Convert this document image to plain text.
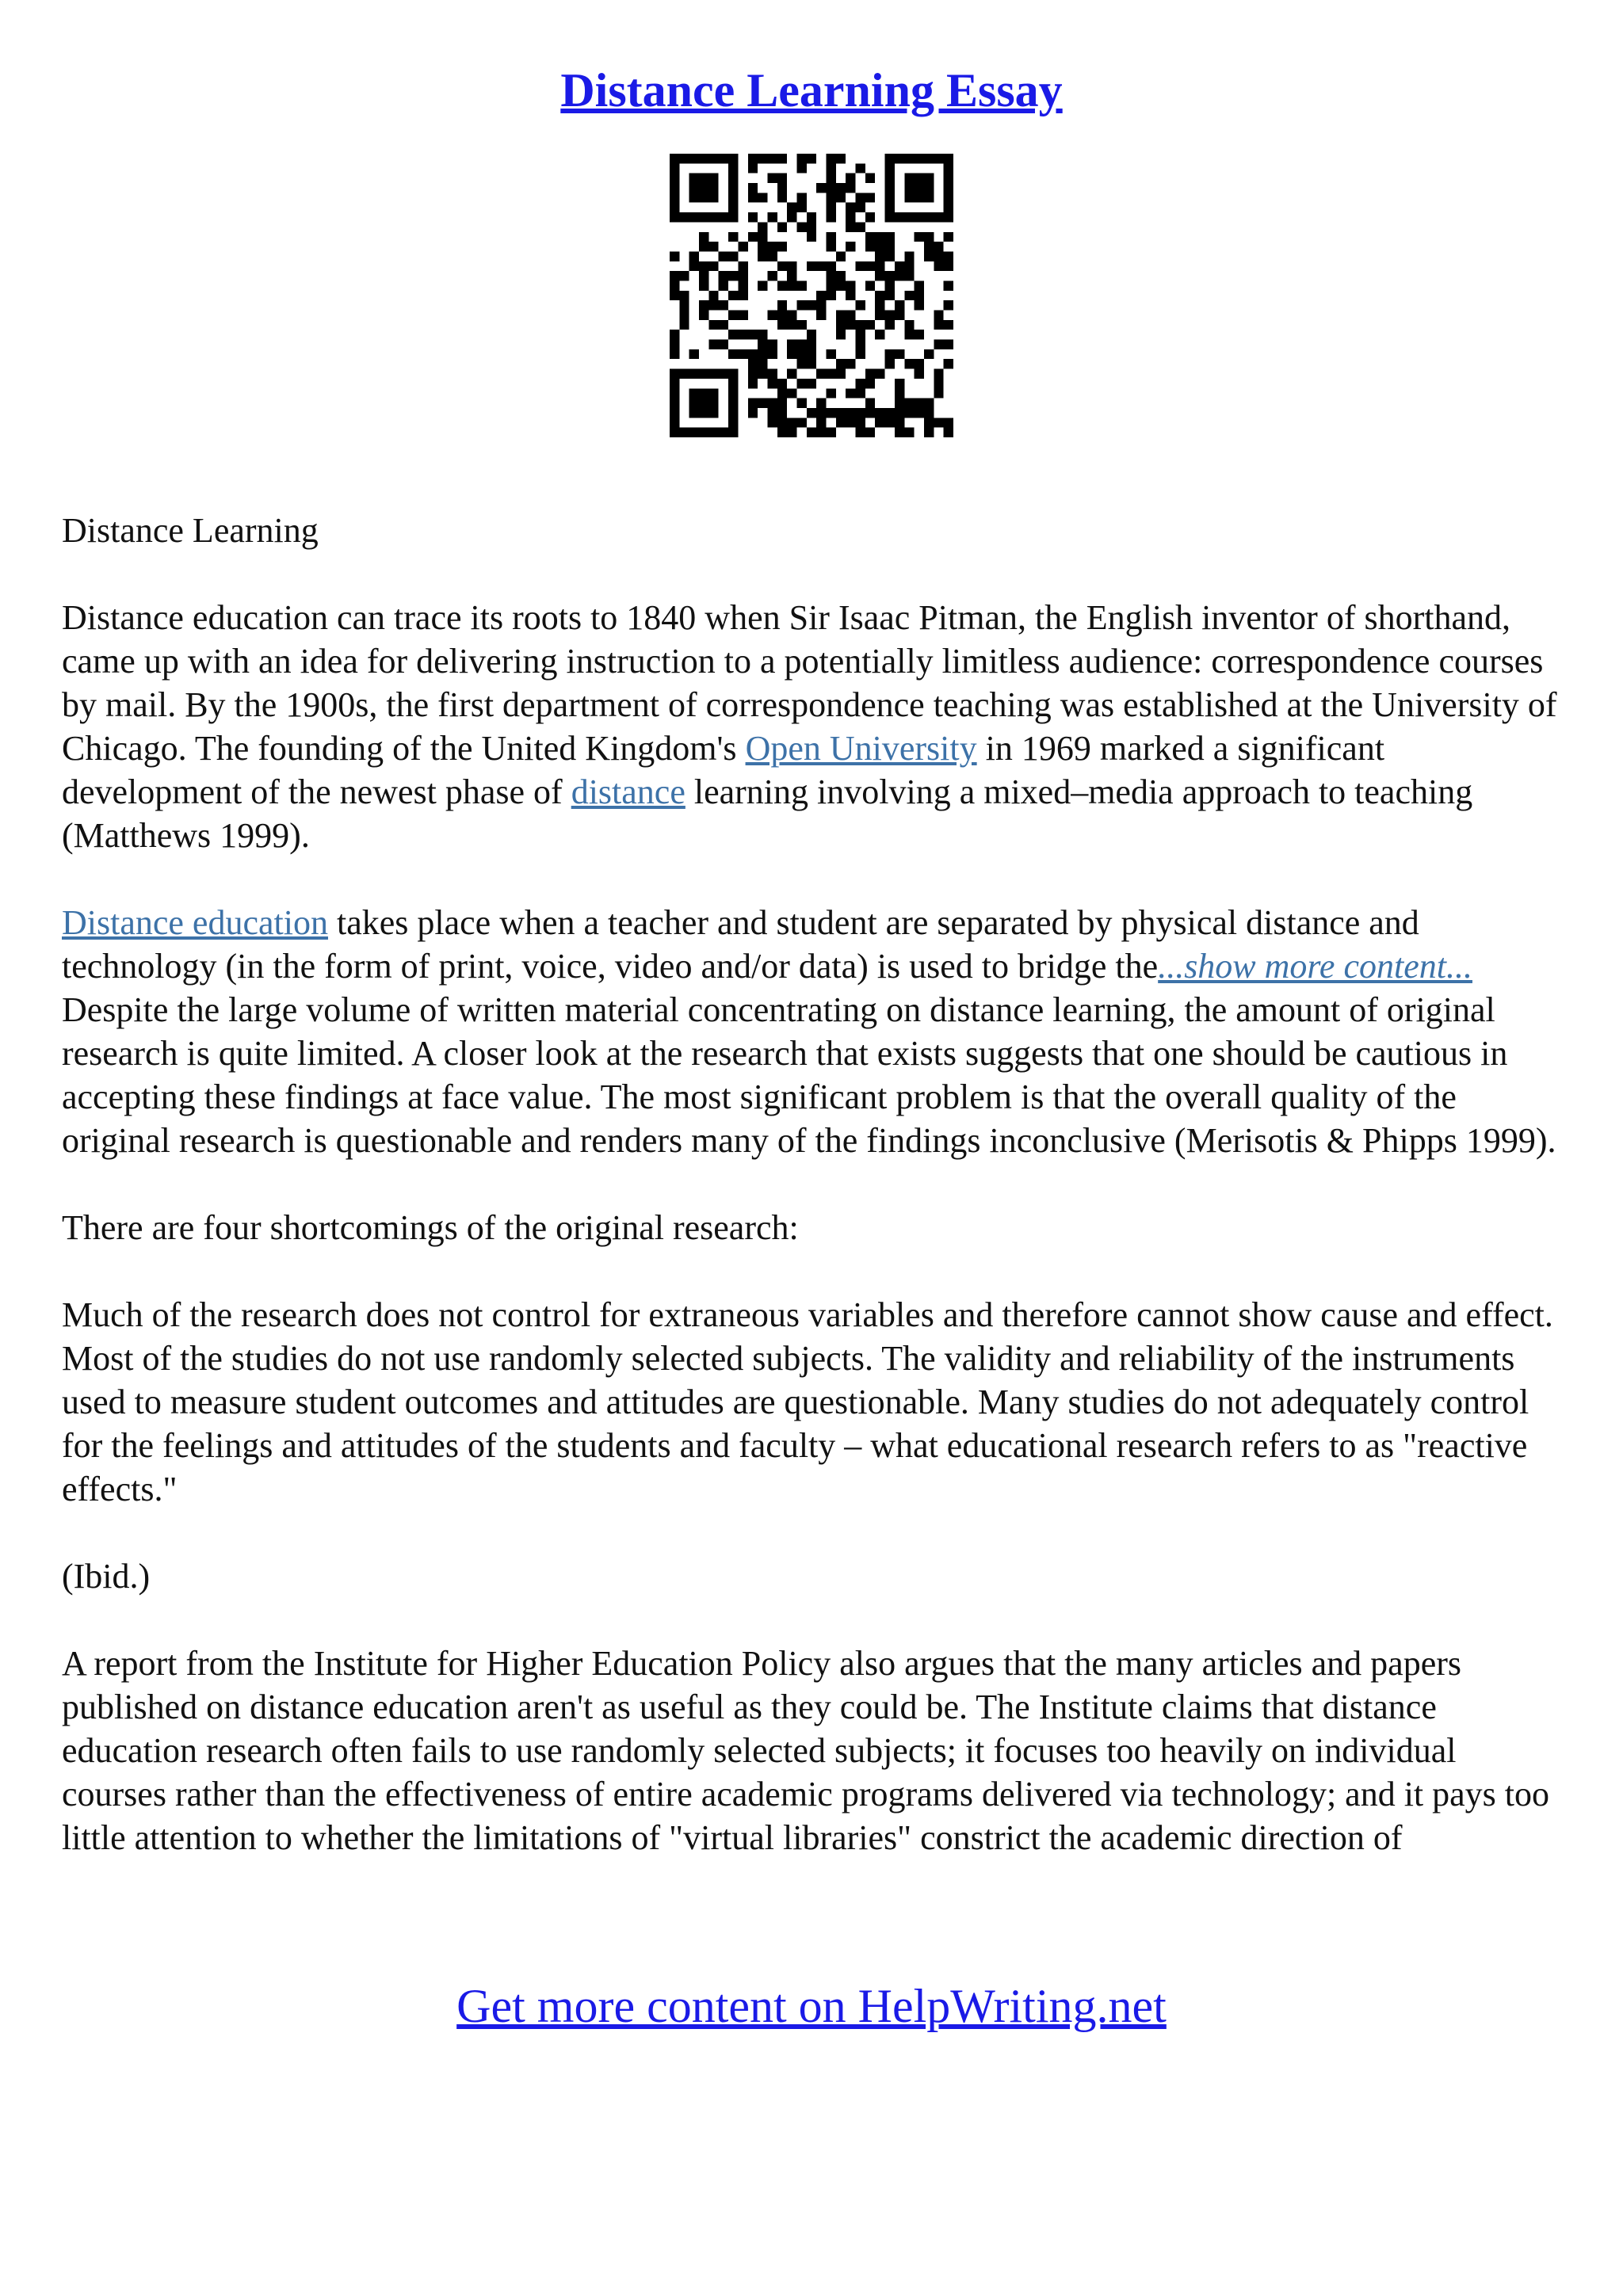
Distance Learning Essay

Distance Learning

Distance education can trace its roots to 1840 when Sir Isaac Pitman, the English inventor of shorthand, came up with an idea for delivering instruction to a potentially limitless audience: correspondence courses by mail. By the 1900s, the first department of correspondence teaching was established at the University of Chicago. The founding of the United Kingdom's Open University in 1969 marked a significant development of the newest phase of distance learning involving a mixed–media approach to teaching (Matthews 1999).

Distance education takes place when a teacher and student are separated by physical distance and technology (in the form of print, voice, video and/or data) is used to bridge the...show more content...
Despite the large volume of written material concentrating on distance learning, the amount of original research is quite limited. A closer look at the research that exists suggests that one should be cautious in accepting these findings at face value. The most significant problem is that the overall quality of the original research is questionable and renders many of the findings inconclusive (Merisotis & Phipps 1999).

There are four shortcomings of the original research:

Much of the research does not control for extraneous variables and therefore cannot show cause and effect. Most of the studies do not use randomly selected subjects. The validity and reliability of the instruments used to measure student outcomes and attitudes are questionable. Many studies do not adequately control for the feelings and attitudes of the students and faculty – what educational research refers to as "reactive effects."

(Ibid.)

A report from the Institute for Higher Education Policy also argues that the many articles and papers published on distance education aren't as useful as they could be. The Institute claims that distance education research often fails to use randomly selected subjects; it focuses too heavily on individual courses rather than the effectiveness of entire academic programs delivered via technology; and it pays too little attention to whether the limitations of "virtual libraries" constrict the academic direction of

Get more content on HelpWriting.net
